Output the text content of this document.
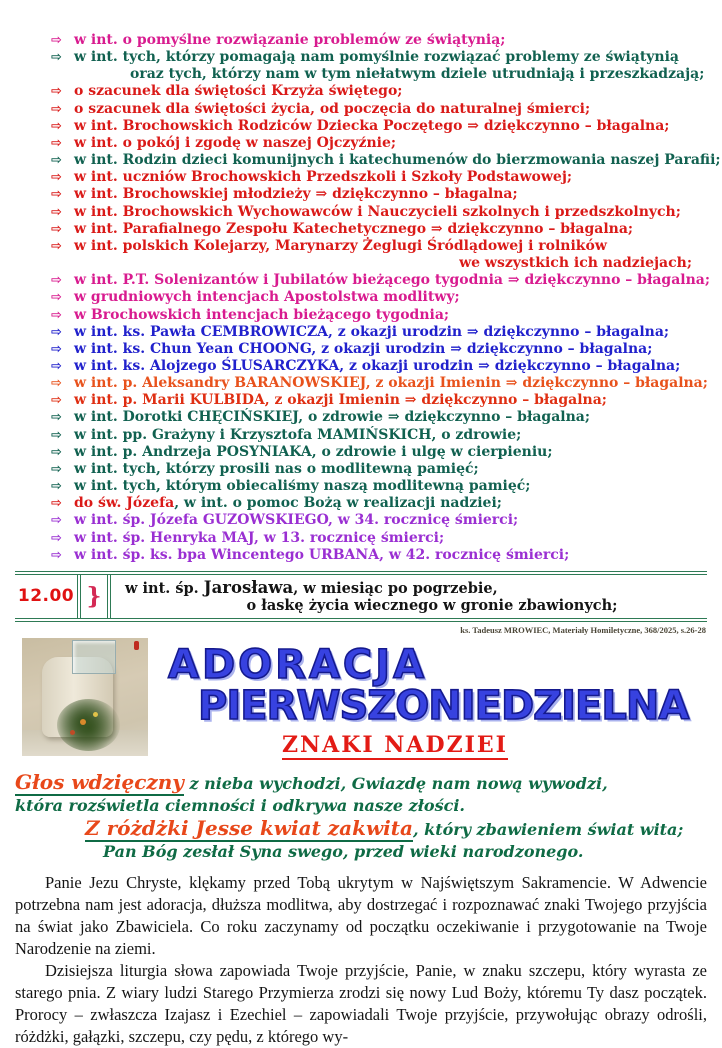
⇨ w int. o pomyślne rozwiązanie problemów ze świątynią;
⇨ w int. tych, którzy pomagają nam pomyślnie rozwiązać problemy ze świątynią
oraz tych, którzy nam w tym niełatwym dziele utrudniają i przeszkadzają;
⇨ o szacunek dla świętości Krzyża świętego;
⇨ o szacunek dla świętości życia, od poczęcia do naturalnej śmierci;
⇨ w int. Brochowskich Rodziców Dziecka Poczętego ⇒ dziękczynno – błagalna;
⇨ w int. o pokój i zgodę w naszej Ojczyźnie;
⇨ w int. Rodzin dzieci komunijnych i katechumenów do bierzmowania naszej Parafii;
⇨ w int. uczniów Brochowskich Przedszkoli i Szkoły Podstawowej;
⇨ w int. Brochowskiej młodzieży ⇒ dziękczynno – błagalna;
⇨ w int. Brochowskich Wychowawców i Nauczycieli szkolnych i przedszkolnych;
⇨ w int. Parafialnego Zespołu Katechetycznego ⇒ dziękczynno – błagalna;
⇨ w int. polskich Kolejarzy, Marynarzy Żeglugi Śródlądowej i rolników
we wszystkich ich nadziejach;
⇨ w int. P.T. Solenizantów i Jubilatów bieżącego tygodnia ⇒ dziękczynno – błagalna;
⇨ w grudniowych intencjach Apostolstwa modlitwy;
⇨ w Brochowskich intencjach bieżącego tygodnia;
⇨ w int. ks. Pawła CEMBROWICZA, z okazji urodzin ⇒ dziękczynno – błagalna;
⇨ w int. ks. Chun Yean CHOONG, z okazji urodzin ⇒ dziękczynno – błagalna;
⇨ w int. ks. Alojzego ŚLUSARCZYKA, z okazji urodzin ⇒ dziękczynno – błagalna;
⇨ w int. p. Aleksandry BARANOWSKIEJ, z okazji Imienin ⇒ dziękczynno – błagalna;
⇨ w int. p. Marii KULBIDA, z okazji Imienin ⇒ dziękczynno – błagalna;
⇨ w int. Dorotki CHĘCIŃSKIEJ, o zdrowie ⇒ dziękczynno – błagalna;
⇨ w int. pp. Grażyny i Krzysztofa MAMIŃSKICH, o zdrowie;
⇨ w int. p. Andrzeja POSYNIAKA, o zdrowie i ulgę w cierpieniu;
⇨ w int. tych, którzy prosili nas o modlitewną pamięć;
⇨ w int. tych, którym obiecaliśmy naszą modlitewną pamięć;
⇨ do św. Józefa, w int. o pomoc Bożą w realizacji nadziei;
⇨ w int. śp. Józefa GUZOWSKIEGO, w 34. rocznicę śmierci;
⇨ w int. śp. Henryka MAJ, w 13. rocznicę śmierci;
⇨ w int. śp. ks. bpa Wincentego URBANA, w 42. rocznicę śmierci;
12.00 }	w int. śp. Jarosława, w miesiąc po pogrzebie,
o łaskę życia wiecznego w gronie zbawionych;
ks. Tadeusz MROWIEC, Materiały Homiletyczne, 368/2025, s.26-28
ADORACJA
PIERWSZONIEDZIELNA
ZNAKI NADZIEI
Głos wdzięczny z nieba wychodzi, Gwiazdę nam nową wywodzi,
która rozświetla ciemności i odkrywa nasze złości.
Z różdżki Jesse kwiat zakwita, który zbawieniem świat wita;
Pan Bóg zesłał Syna swego, przed wieki narodzonego.

Panie Jezu Chryste, klękamy przed Tobą ukrytym w Najświętszym Sakramencie. W Adwencie potrzebna nam jest adoracja, dłuższa modlitwa, aby dostrzegać i rozpoznawać znaki Twojego przyjścia na świat jako Zbawiciela. Co roku zaczynamy od początku oczekiwanie i przygotowanie na Twoje Narodzenie na ziemi.

Dzisiejsza liturgia słowa zapowiada Twoje przyjście, Panie, w znaku szczepu, który wyrasta ze starego pnia. Z wiary ludzi Starego Przymierza zrodzi się nowy Lud Boży, któremu Ty dasz początek. Prorocy – zwłaszcza Izajasz i Ezechiel – zapowiadali Twoje przyjście, przywołując obrazy odrośli, różdżki, gałązki, szczepu, czy pędu, z którego wy-
